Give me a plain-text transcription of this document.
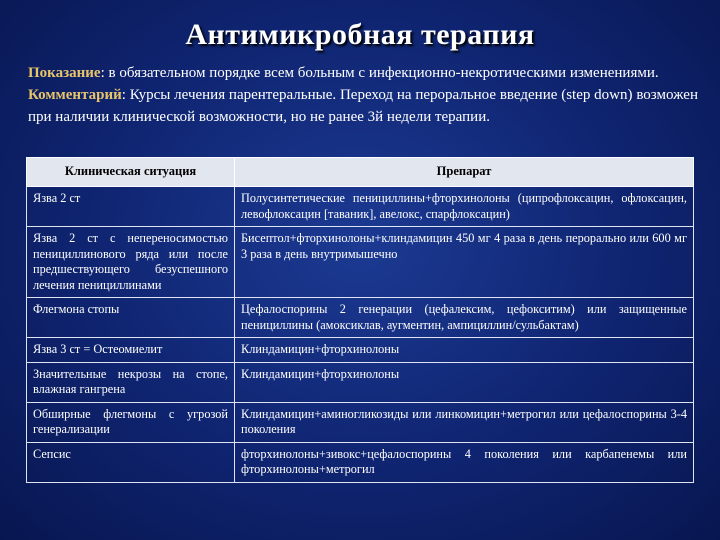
Антимикробная терапия
Показание: в обязательном порядке всем больным с инфекционно-некротическими изменениями.
Комментарий: Курсы лечения парентеральные. Переход на пероральное введение (step down) возможен при наличии клинической возможности, но не ранее 3й недели терапии.
Клиническая ситуация	Препарат
Язва 2 ст	Полусинтетические пенициллины+фторхинолоны (ципрофлоксацин, офлоксацин, левофлоксацин [таваник], авелокс, спарфлоксацин)
Язва 2 ст с непереносимостью пенициллинового ряда или после предшествующего безуспешного лечения пенициллинами	Бисептол+фторхинолоны+клиндамицин 450 мг 4 раза в день перорально или 600 мг 3 раза в день внутримышечно
Флегмона стопы	Цефалоспорины 2 генерации (цефалексим, цефокситим) или защищенные пенициллины (амоксиклав, аугментин, ампициллин/сульбактам)
Язва 3 ст = Остеомиелит	Клиндамицин+фторхинолоны
Значительные некрозы на стопе, влажная гангрена	Клиндамицин+фторхинолоны
Обширные флегмоны с угрозой генерализации	Клиндамицин+аминогликозиды или линкомицин+метрогил или цефалоспорины 3-4 поколения
Сепсис	фторхинолоны+зивокс+цефалоспорины 4 поколения или карбапенемы или фторхинолоны+метрогил
